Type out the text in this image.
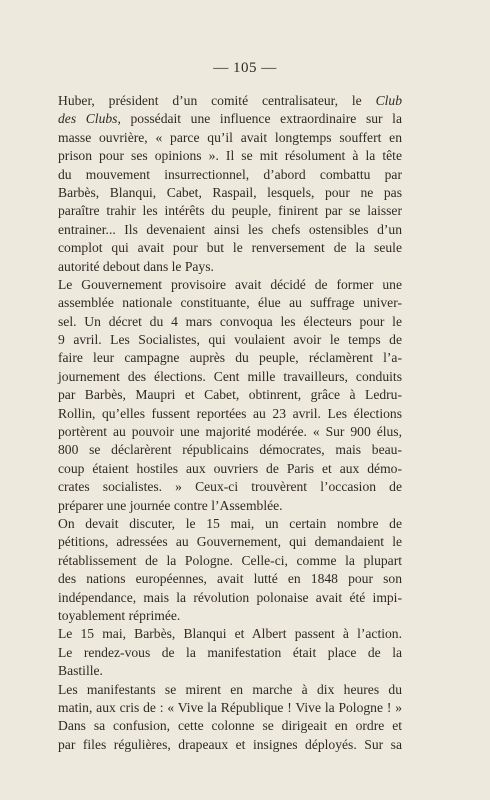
— 105 —
Huber, président d’un comité centralisateur, le Club
des Clubs, possédait une influence extraordinaire sur la
masse ouvrière, « parce qu’il avait longtemps souffert en
prison pour ses opinions ». Il se mit résolument à la tête
du mouvement insurrectionnel, d’abord combattu par
Barbès, Blanqui, Cabet, Raspail, lesquels, pour ne pas
paraître trahir les intérêts du peuple, finirent par se laisser
entrainer... Ils devenaient ainsi les chefs ostensibles d’un
complot qui avait pour but le renversement de la seule
autorité debout dans le Pays.
Le Gouvernement provisoire avait décidé de former une
assemblée nationale constituante, élue au suffrage univer-
sel. Un décret du 4 mars convoqua les électeurs pour le
9 avril. Les Socialistes, qui voulaient avoir le temps de
faire leur campagne auprès du peuple, réclamèrent l’a-
journement des élections. Cent mille travailleurs, conduits
par Barbès, Maupri et Cabet, obtinrent, grâce à Ledru-
Rollin, qu’elles fussent reportées au 23 avril. Les élections
portèrent au pouvoir une majorité modérée. « Sur 900 élus,
800 se déclarèrent républicains démocrates, mais beau-
coup étaient hostiles aux ouvriers de Paris et aux démo-
crates socialistes. » Ceux-ci trouvèrent l’occasion de
préparer une journée contre l’Assemblée.
On devait discuter, le 15 mai, un certain nombre de
pétitions, adressées au Gouvernement, qui demandaient le
rétablissement de la Pologne. Celle-ci, comme la plupart
des nations européennes, avait lutté en 1848 pour son
indépendance, mais la révolution polonaise avait été impi-
toyablement réprimée.
Le 15 mai, Barbès, Blanqui et Albert passent à l’action.
Le rendez-vous de la manifestation était place de la
Bastille.
Les manifestants se mirent en marche à dix heures du
matin, aux cris de : « Vive la République ! Vive la Pologne ! »
Dans sa confusion, cette colonne se dirigeait en ordre et
par files régulières, drapeaux et insignes déployés. Sur sa
